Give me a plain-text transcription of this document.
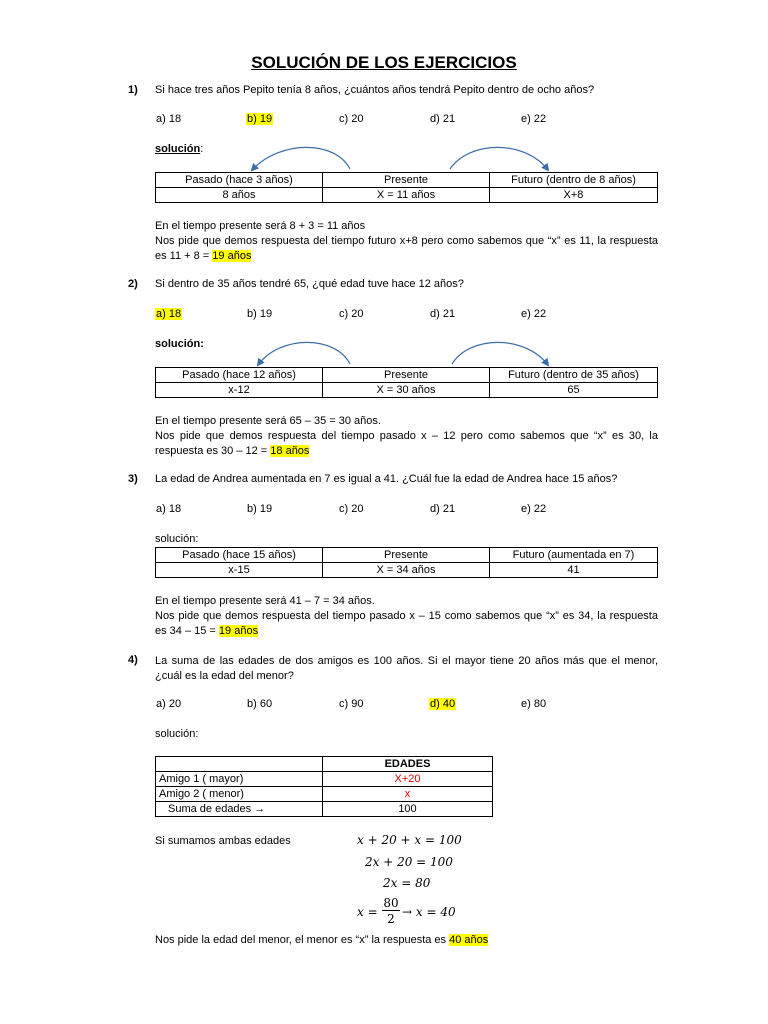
SOLUCIÓN DE LOS EJERCICIOS
1) Si hace tres años Pepito tenía 8 años, ¿cuántos años tendrá Pepito dentro de ocho años?
a) 18	b) 19	c) 20	d) 21	e) 22
solución:
Pasado (hace 3 años)	Presente	Futuro (dentro de 8 años)
8 años	X = 11 años	X+8
En el tiempo presente será 8 + 3 = 11 años
Nos pide que demos respuesta del tiempo futuro x+8 pero como sabemos que “x” es 11, la respuesta es 11 + 8 = 19 años
2) Si dentro de 35 años tendré 65, ¿qué edad tuve hace 12 años?
a) 18	b) 19	c) 20	d) 21	e) 22
solución:
Pasado (hace 12 años)	Presente	Futuro (dentro de 35 años)
x-12	X = 30 años	65
En el tiempo presente será 65 – 35 = 30 años.
Nos pide que demos respuesta del tiempo pasado x – 12 pero como sabemos que “x” es 30, la respuesta es 30 – 12 = 18 años
3) La edad de Andrea aumentada en 7 es igual a 41. ¿Cuál fue la edad de Andrea hace 15 años?
a) 18	b) 19	c) 20	d) 21	e) 22
solución:
Pasado (hace 15 años)	Presente	Futuro (aumentada en 7)
x-15	X = 34 años	41
En el tiempo presente será 41 – 7 = 34 años.
Nos pide que demos respuesta del tiempo pasado x – 15 como sabemos que “x” es 34, la respuesta es 34 – 15 = 19 años
4) La suma de las edades de dos amigos es 100 años. Si el mayor tiene 20 años más que el menor, ¿cuál es la edad del menor?
a) 20	b) 60	c) 90	d) 40	e) 80
solución:
	EDADES
Amigo 1 ( mayor)	X+20
Amigo 2 ( menor)	x
Suma de edades →	100
Si sumamos ambas edades	x + 20 + x = 100
2x + 20 = 100
2x = 80
x =
80
2 → x = 40
Nos pide la edad del menor, el menor es “x” la respuesta es 40 años
